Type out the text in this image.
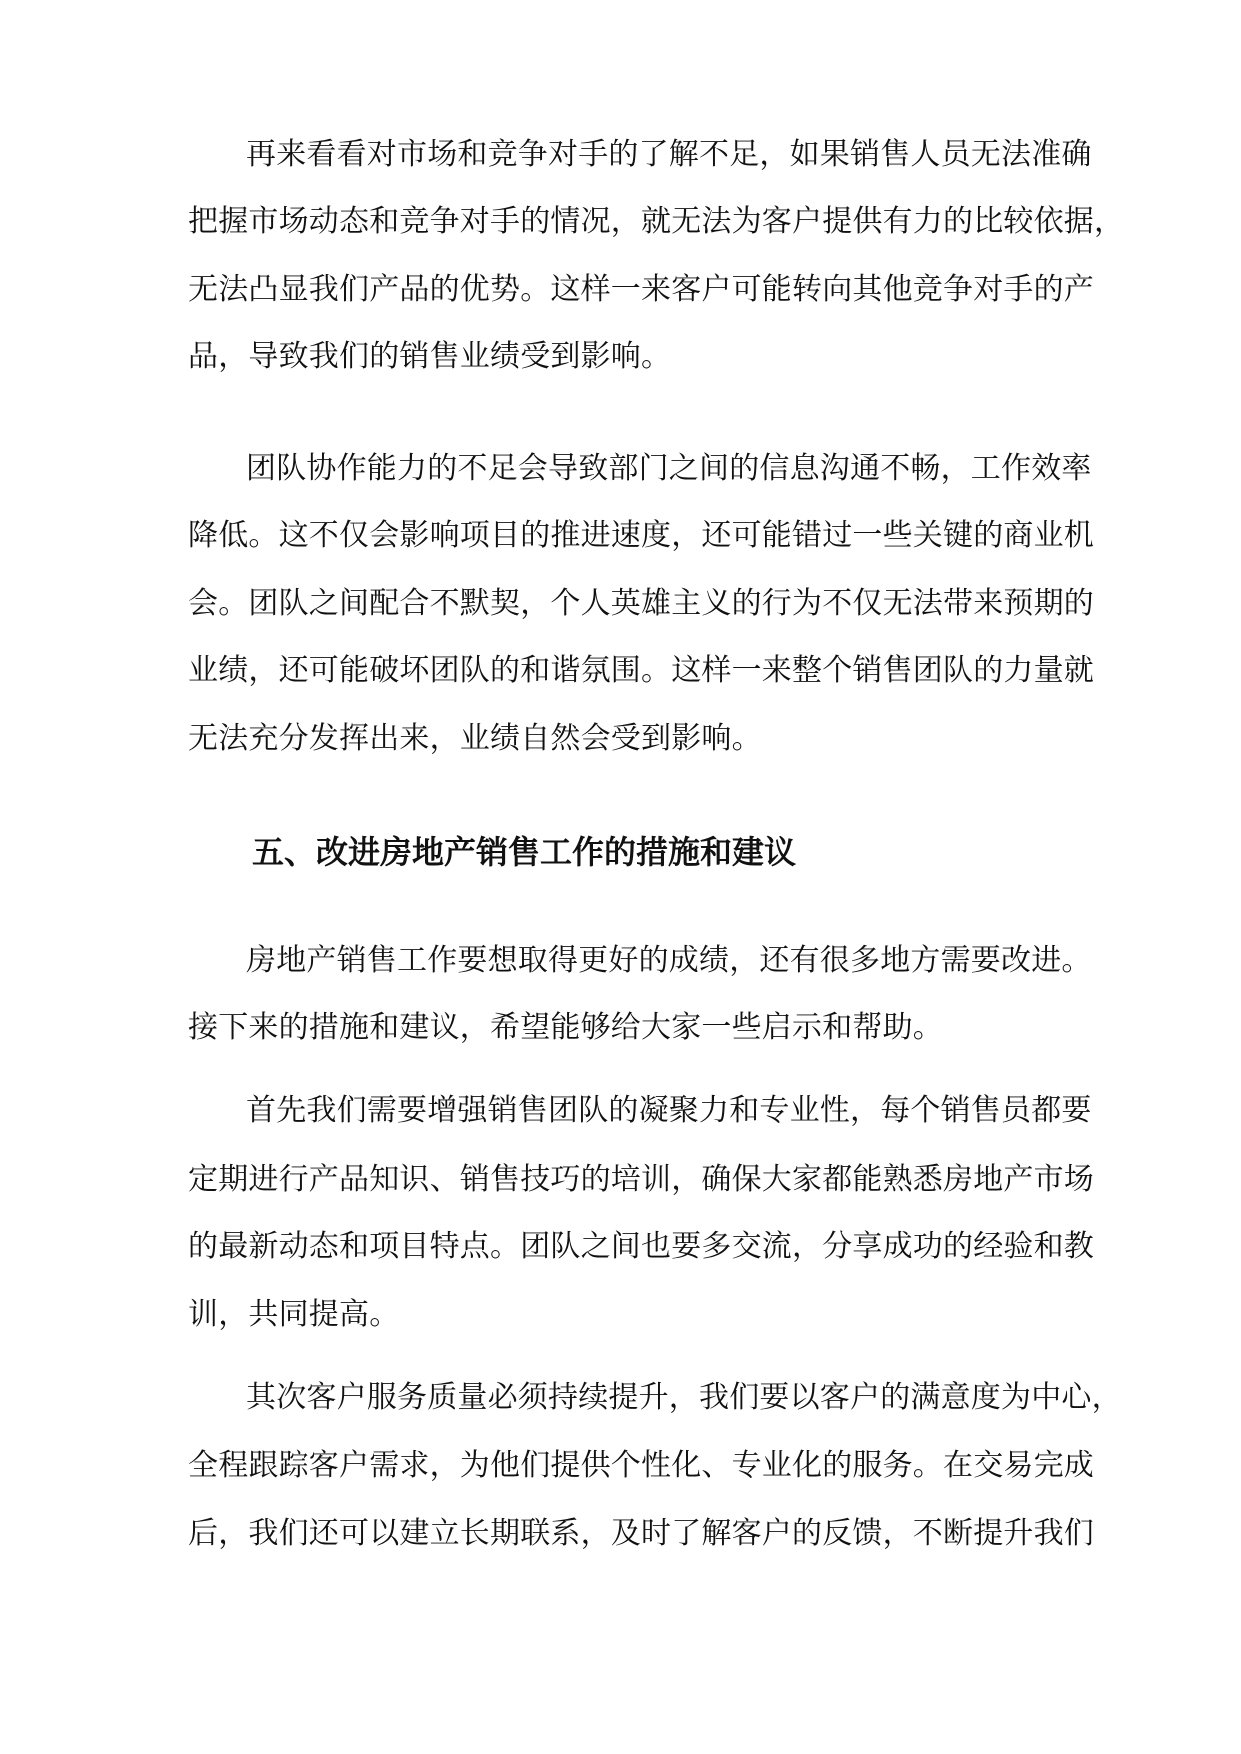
再来看看对市场和竞争对手的了解不足，如果销售人员无法准确
把握市场动态和竞争对手的情况，就无法为客户提供有力的比较依据，
无法凸显我们产品的优势。这样一来客户可能转向其他竞争对手的产
品，导致我们的销售业绩受到影响。
团队协作能力的不足会导致部门之间的信息沟通不畅，工作效率
降低。这不仅会影响项目的推进速度，还可能错过一些关键的商业机
会。团队之间配合不默契，个人英雄主义的行为不仅无法带来预期的
业绩，还可能破坏团队的和谐氛围。这样一来整个销售团队的力量就
无法充分发挥出来，业绩自然会受到影响。
五、改进房地产销售工作的措施和建议
房地产销售工作要想取得更好的成绩，还有很多地方需要改进。
接下来的措施和建议，希望能够给大家一些启示和帮助。
首先我们需要增强销售团队的凝聚力和专业性，每个销售员都要
定期进行产品知识、销售技巧的培训，确保大家都能熟悉房地产市场
的最新动态和项目特点。团队之间也要多交流，分享成功的经验和教
训，共同提高。
其次客户服务质量必须持续提升，我们要以客户的满意度为中心，
全程跟踪客户需求，为他们提供个性化、专业化的服务。在交易完成
后，我们还可以建立长期联系，及时了解客户的反馈，不断提升我们
